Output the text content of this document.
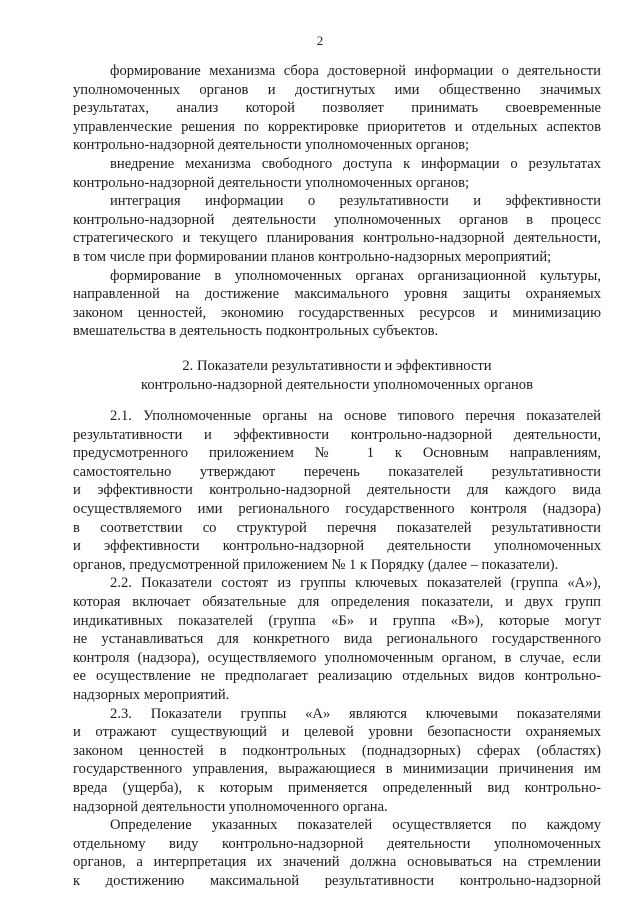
2
формирование механизма сбора достоверной информации о деятельности
уполномоченных органов и достигнутых ими общественно значимых
результатах, анализ которой позволяет принимать своевременные
управленческие решения по корректировке приоритетов и отдельных аспектов
контрольно-надзорной деятельности уполномоченных органов;
внедрение механизма свободного доступа к информации о результатах
контрольно-надзорной деятельности уполномоченных органов;
интеграция информации о результативности и эффективности
контрольно-надзорной деятельности уполномоченных органов в процесс
стратегического и текущего планирования контрольно-надзорной деятельности,
в том числе при формировании планов контрольно-надзорных мероприятий;
формирование в уполномоченных органах организационной культуры,
направленной на достижение максимального уровня защиты охраняемых
законом ценностей, экономию государственных ресурсов и минимизацию
вмешательства в деятельность подконтрольных субъектов.
2. Показатели результативности и эффективности
контрольно-надзорной деятельности уполномоченных органов
2.1. Уполномоченные органы на основе типового перечня показателей
результативности и эффективности контрольно-надзорной деятельности,
предусмотренного приложением № 1 к Основным направлениям,
самостоятельно утверждают перечень показателей результативности
и эффективности контрольно-надзорной деятельности для каждого вида
осуществляемого ими регионального государственного контроля (надзора)
в соответствии со структурой перечня показателей результативности
и эффективности контрольно-надзорной деятельности уполномоченных
органов, предусмотренной приложением № 1 к Порядку (далее – показатели).
2.2. Показатели состоят из группы ключевых показателей (группа «А»),
которая включает обязательные для определения показатели, и двух групп
индикативных показателей (группа «Б» и группа «В»), которые могут
не устанавливаться для конкретного вида регионального государственного
контроля (надзора), осуществляемого уполномоченным органом, в случае, если
ее осуществление не предполагает реализацию отдельных видов контрольно-
надзорных мероприятий.
2.3. Показатели группы «А» являются ключевыми показателями
и отражают существующий и целевой уровни безопасности охраняемых
законом ценностей в подконтрольных (поднадзорных) сферах (областях)
государственного управления, выражающиеся в минимизации причинения им
вреда (ущерба), к которым применяется определенный вид контрольно-
надзорной деятельности уполномоченного органа.
Определение указанных показателей осуществляется по каждому
отдельному виду контрольно-надзорной деятельности уполномоченных
органов, а интерпретация их значений должна основываться на стремлении
к достижению максимальной результативности контрольно-надзорной
